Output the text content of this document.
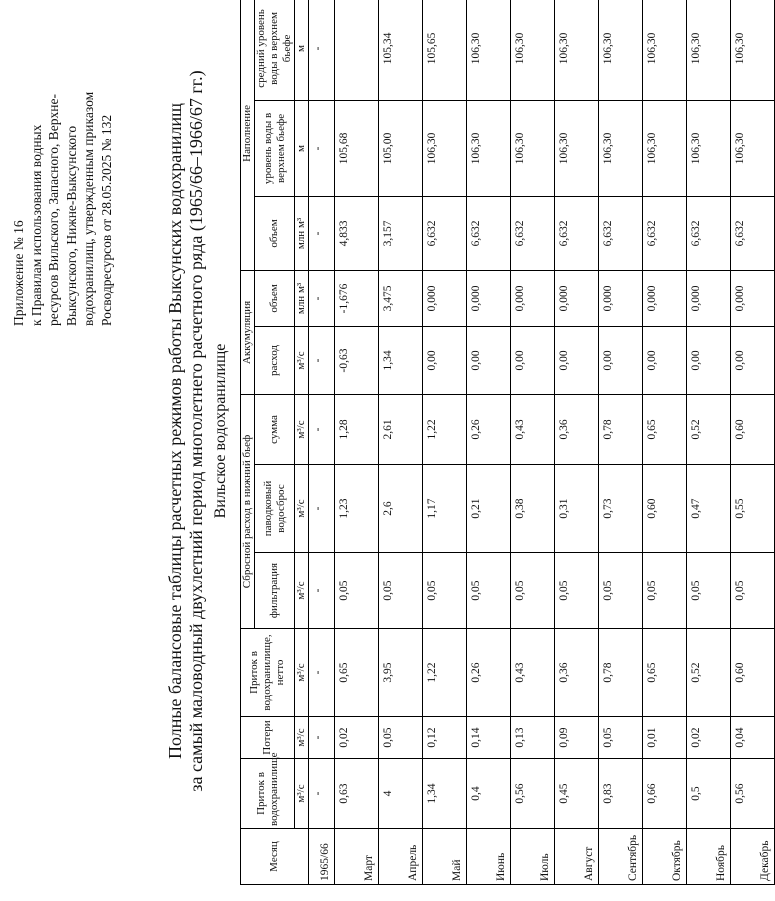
Приложение № 16 к Правилам использования водных ресурсов Вильского, Запасного, Верхне- Выксунского, Нижне-Выксунского водохранилищ, утвержденным приказом Росводресурсов от 28.05.2025 № 132	Полные балансовые таблицы расчетных режимов работы Выксунских водохранилищ за самый маловодный двухлетний период многолетнего расчетного ряда (1965/66–1966/67 гг.) Вильское водохранилище
Месяц	Приток в водохранилище	Потери	Приток в водохранилище, нетто	Сбросной расход в нижний бьеф			Аккумуляция		Наполнение		
				фильтрация	паводковый водосброс	сумма	расход	объем	объем	уровень воды в верхнем бьефе	средний уровень воды в верхнем бьефе
	м³/с	м³/с	м³/с	м³/с	м³/с	м³/с	м³/с	млн м³	млн м³	м	м
1965/66	-	-	-	-	-	-	-	-	-	-	-
Март	0,63	0,02	0,65	0,05	1,23	1,28	-0,63	-1,676	4,833	105,68	
Апрель	4	0,05	3,95	0,05	2,6	2,61	1,34	3,475	3,157	105,00	105,34
Май	1,34	0,12	1,22	0,05	1,17	1,22	0,00	0,000	6,632	106,30	105,65
Июнь	0,4	0,14	0,26	0,05	0,21	0,26	0,00	0,000	6,632	106,30	106,30
Июль	0,56	0,13	0,43	0,05	0,38	0,43	0,00	0,000	6,632	106,30	106,30
Август	0,45	0,09	0,36	0,05	0,31	0,36	0,00	0,000	6,632	106,30	106,30
Сентябрь	0,83	0,05	0,78	0,05	0,73	0,78	0,00	0,000	6,632	106,30	106,30
Октябрь	0,66	0,01	0,65	0,05	0,60	0,65	0,00	0,000	6,632	106,30	106,30
Ноябрь	0,5	0,02	0,52	0,05	0,47	0,52	0,00	0,000	6,632	106,30	106,30
Декабрь	0,56	0,04	0,60	0,05	0,55	0,60	0,00	0,000	6,632	106,30	106,30
